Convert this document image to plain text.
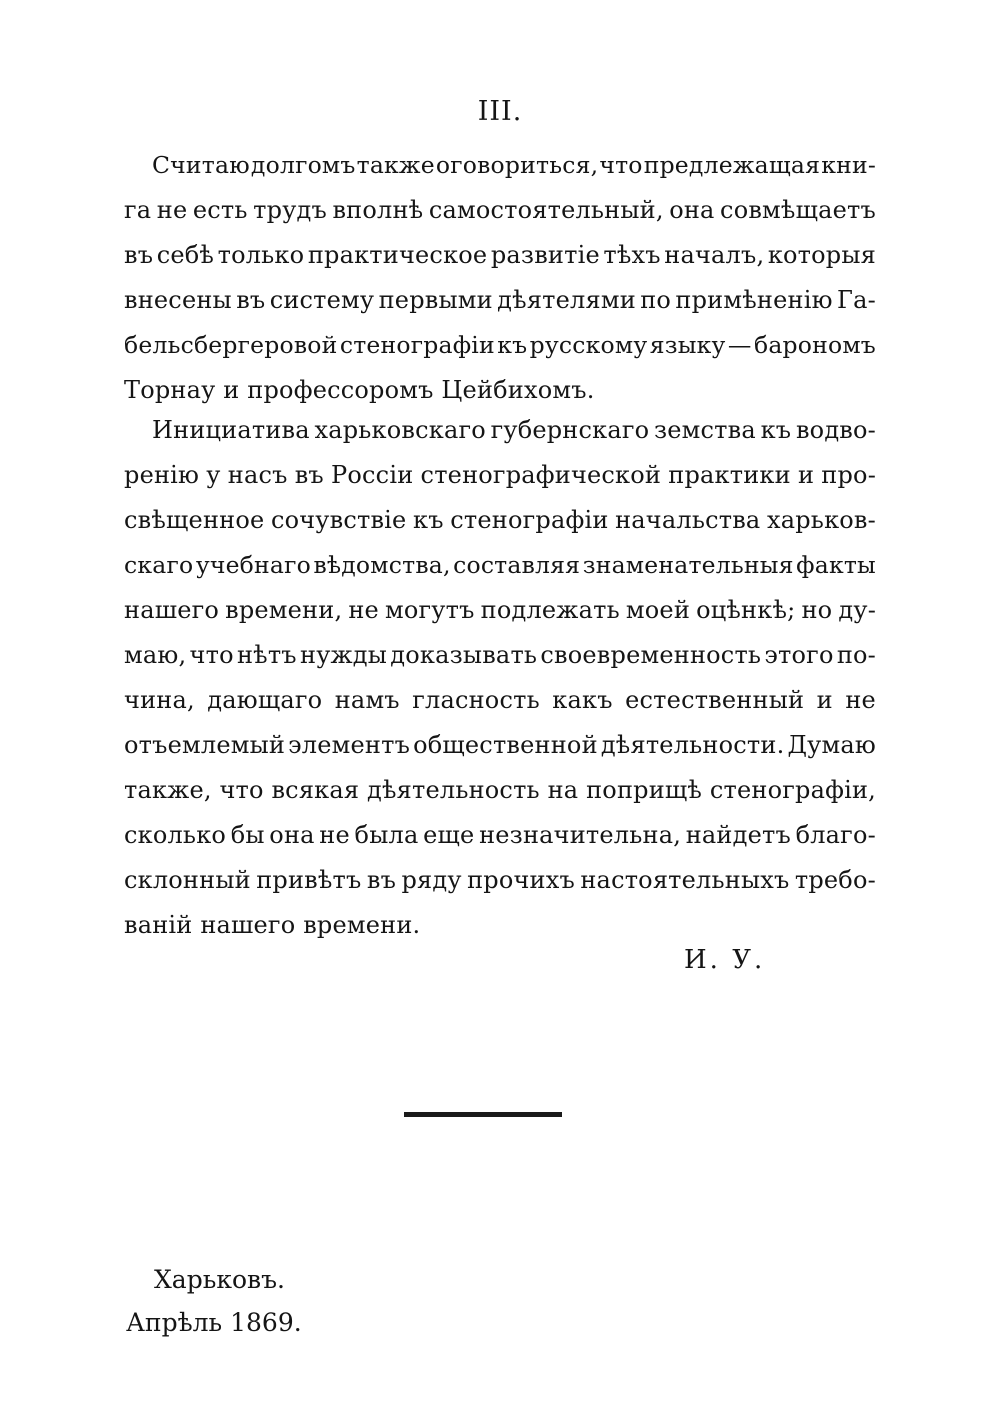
III.
Считаю долгомъ также оговориться, что предлежащая кни-
га не есть трудъ вполнѣ самостоятельный, она совмѣщаетъ
въ себѣ только практическое развитіе тѣхъ началъ, которыя
внесены въ систему первыми дѣятелями по примѣненію Га-
бельсбергеровой стенографіи къ русскому языку — барономъ
Торнау и профессоромъ Цейбихомъ.
Инициатива харьковскаго губернскаго земства къ водво-
ренію у насъ въ Россіи стенографической практики и про-
свѣщенное сочувствіе къ стенографіи начальства харьков-
скаго учебнаго вѣдомства, составляя знаменательныя факты
нашего времени, не могутъ подлежать моей оцѣнкѣ; но ду-
маю, что нѣтъ нужды доказывать своевременность этого по-
чина, дающаго намъ гласность какъ естественный и не
отъемлемый элементъ общественной дѣятельности. Думаю
также, что всякая дѣятельность на поприщѣ стенографіи,
сколько бы она не была еще незначительна, найдетъ благо-
склонный привѣтъ въ ряду прочихъ настоятельныхъ требо-
ваній нашего времени.
И. У.
Харьковъ.
Апрѣль 1869.
